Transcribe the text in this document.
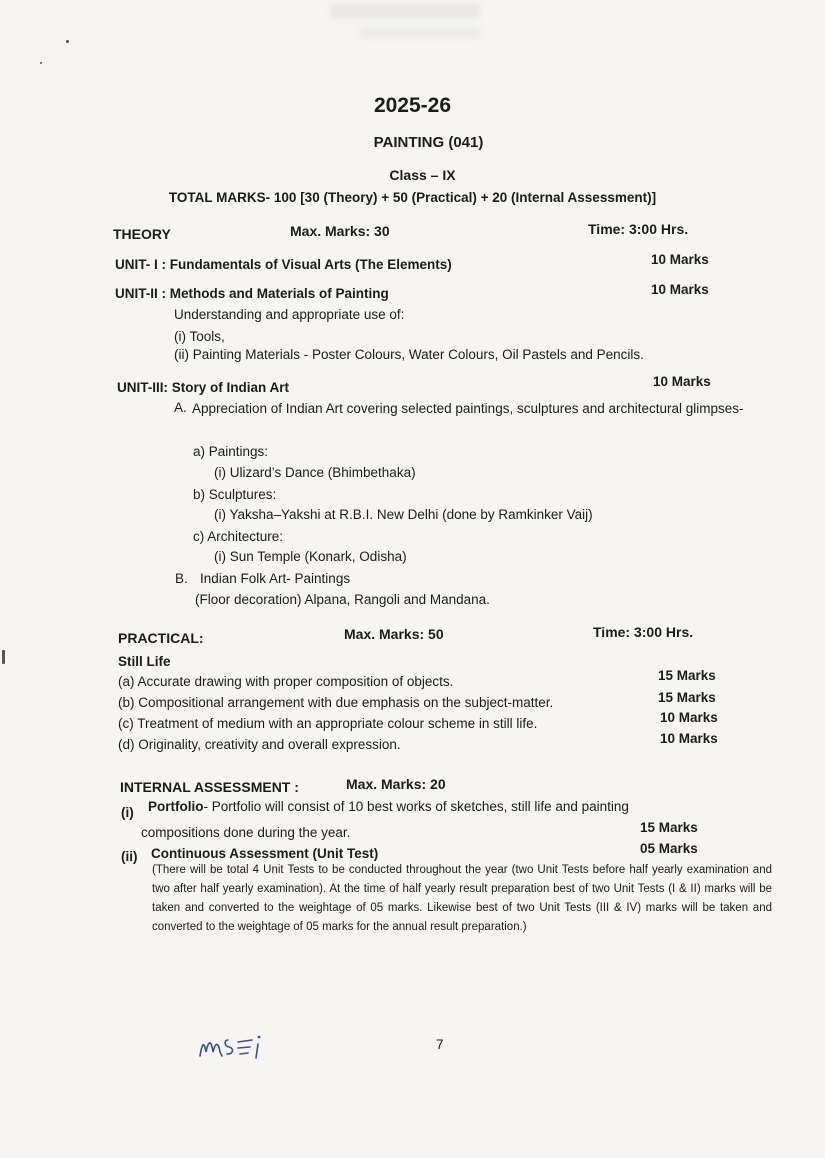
2025-26
PAINTING (041)
Class – IX
TOTAL MARKS- 100 [30 (Theory) + 50 (Practical) + 20 (Internal Assessment)]
THEORY	Max. Marks: 30	Time: 3:00 Hrs.
UNIT- I : Fundamentals of Visual Arts (The Elements)	10 Marks
UNIT-II : Methods and Materials of Painting	10 Marks
Understanding and appropriate use of:
(i) Tools,
(ii) Painting Materials - Poster Colours, Water Colours, Oil Pastels and Pencils.
UNIT-III: Story of Indian Art	10 Marks
A. Appreciation of Indian Art covering selected paintings, sculptures and architectural glimpses-
a) Paintings:
(i) Ulizard’s Dance (Bhimbethaka)
b) Sculptures:
(i) Yaksha–Yakshi at R.B.I. New Delhi (done by Ramkinker Vaij)
c) Architecture:
(i) Sun Temple (Konark, Odisha)
B. Indian Folk Art- Paintings
(Floor decoration) Alpana, Rangoli and Mandana.
PRACTICAL:	Max. Marks: 50	Time: 3:00 Hrs.
Still Life
(a) Accurate drawing with proper composition of objects.	15 Marks
(b) Compositional arrangement with due emphasis on the subject-matter.	15 Marks
(c) Treatment of medium with an appropriate colour scheme in still life.	10 Marks
(d) Originality, creativity and overall expression.	10 Marks
INTERNAL ASSESSMENT :	Max. Marks: 20
(i) Portfolio- Portfolio will consist of 10 best works of sketches, still life and painting
compositions done during the year.	15 Marks
(ii) Continuous Assessment (Unit Test)	05 Marks
(There will be total 4 Unit Tests to be conducted throughout the year (two Unit Tests before half yearly examination and two after half yearly examination). At the time of half yearly result preparation best of two Unit Tests (I & II) marks will be taken and converted to the weightage of 05 marks. Likewise best of two Unit Tests (III & IV) marks will be taken and converted to the weightage of 05 marks for the annual result preparation.)
7
